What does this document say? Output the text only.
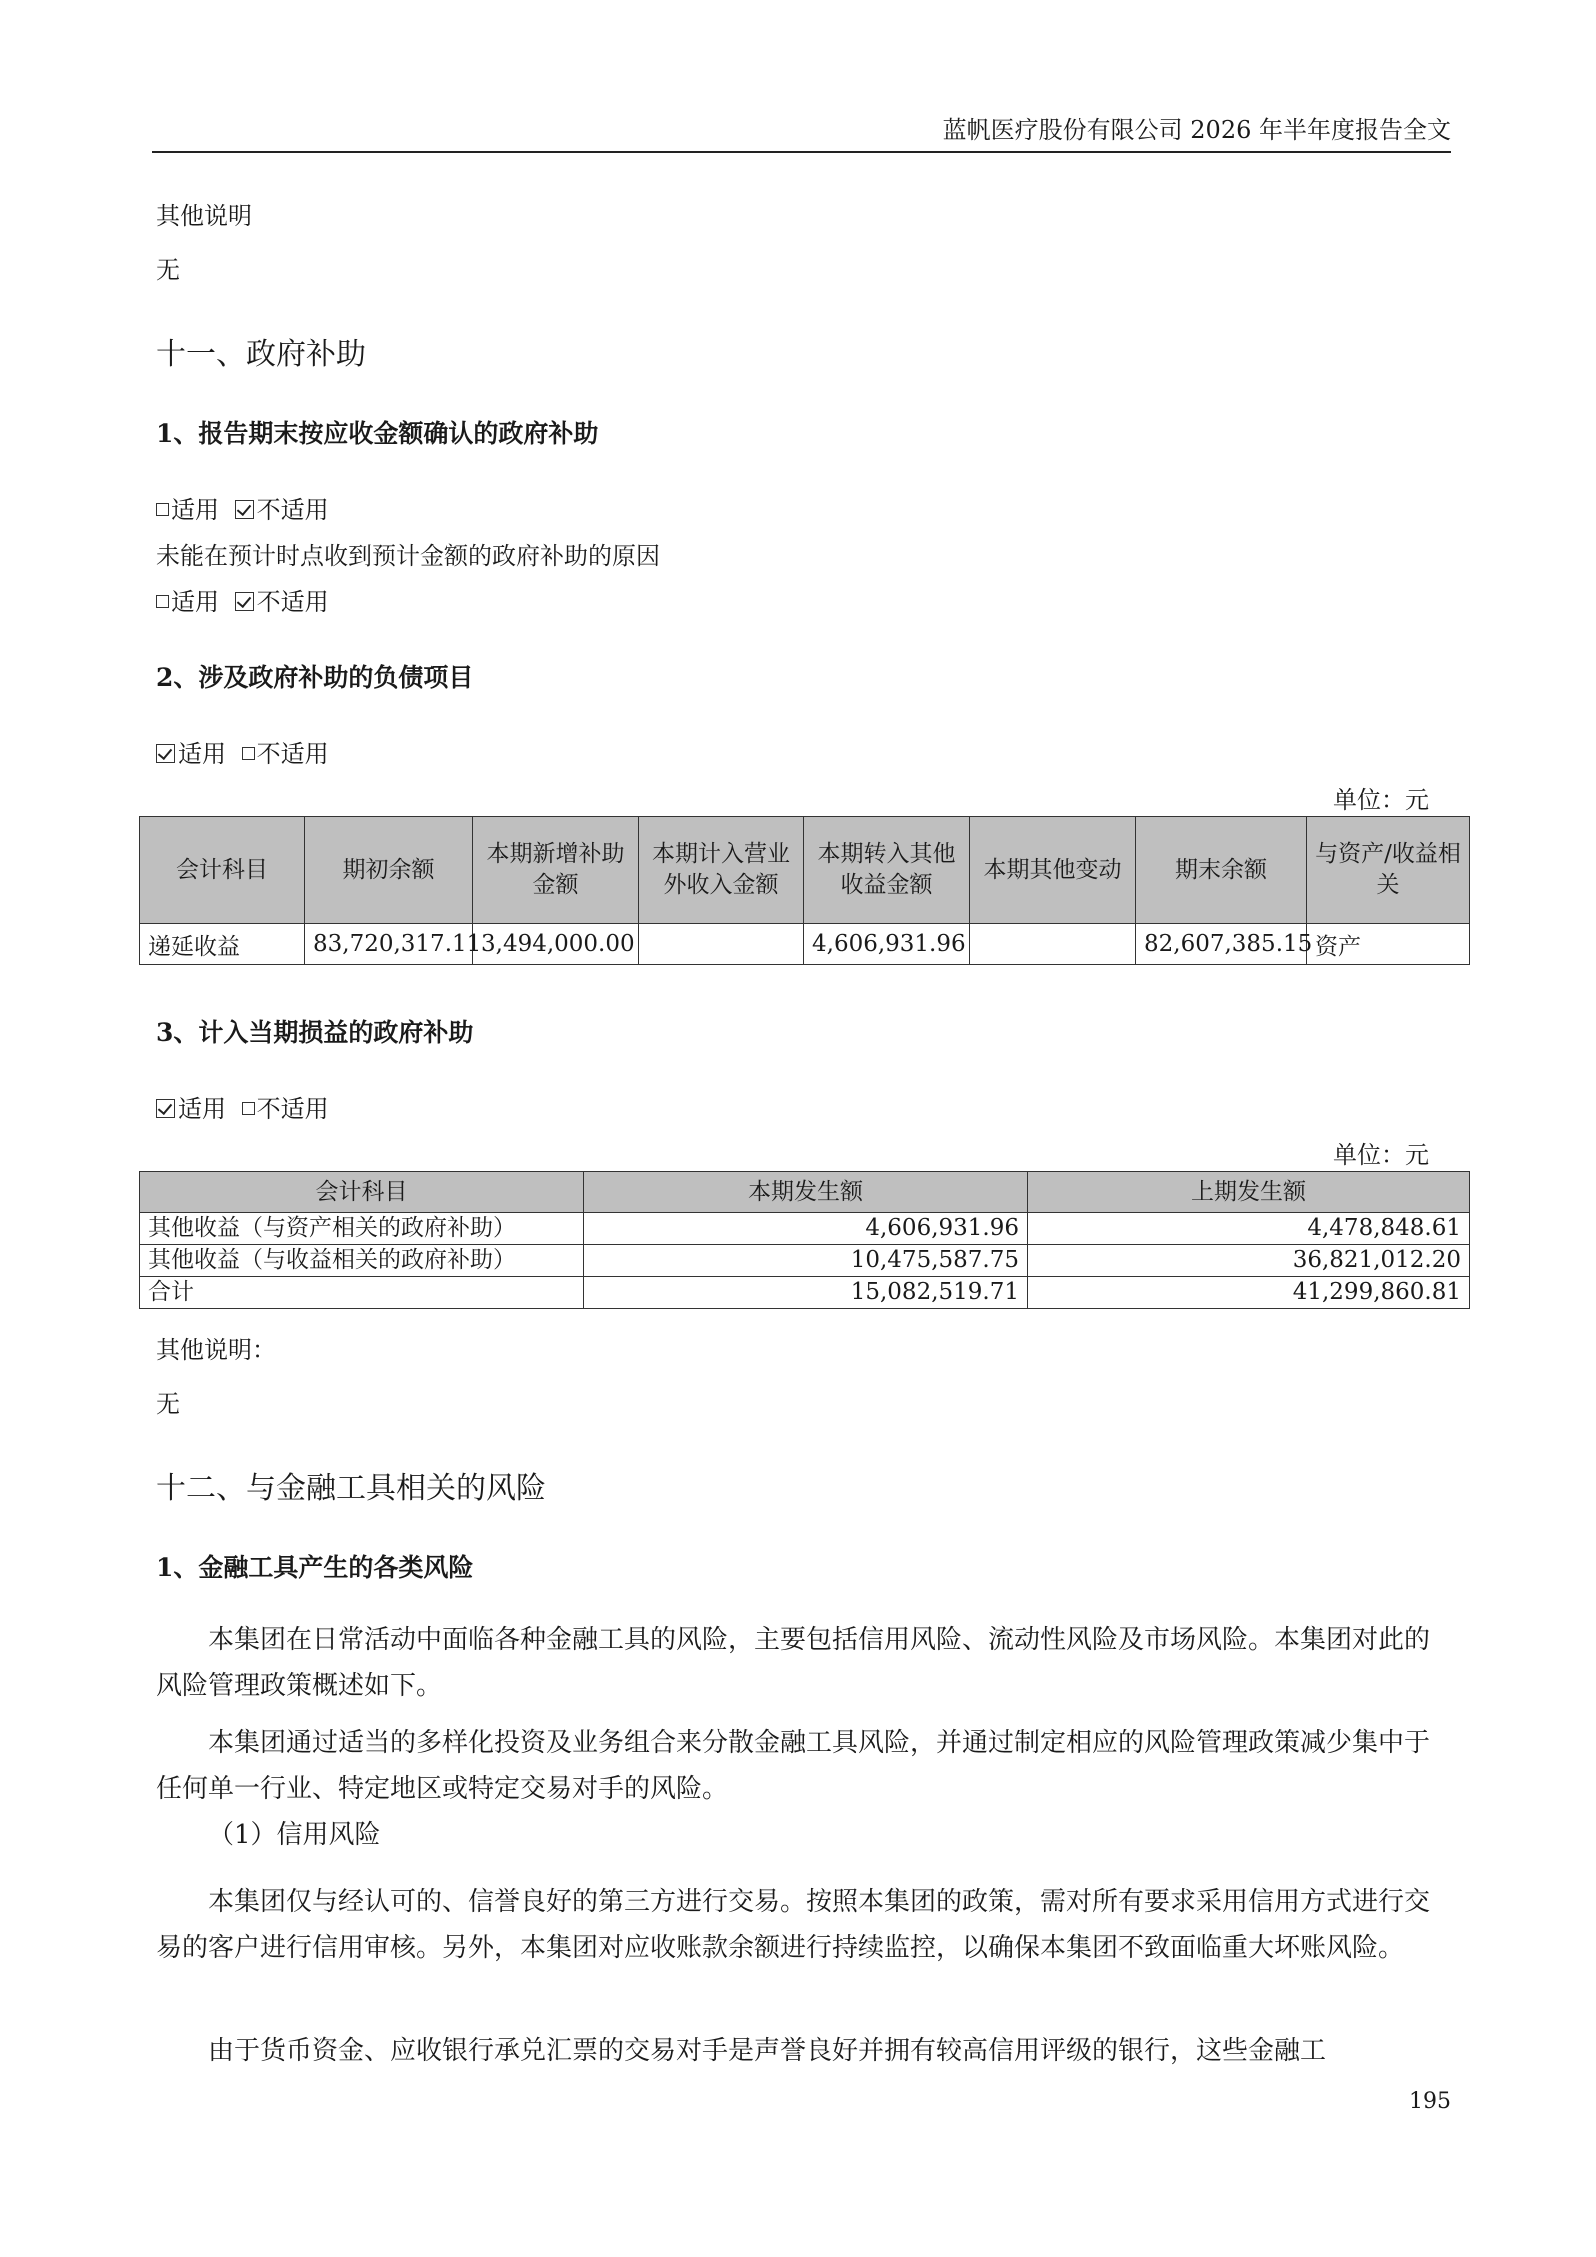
蓝帆医疗股份有限公司 2026 年半年度报告全文
其他说明
无
十一、政府补助
1、报告期末按应收金额确认的政府补助
适用 不适用
未能在预计时点收到预计金额的政府补助的原因
适用 不适用
2、涉及政府补助的负债项目
适用 不适用
单位：元
会计科目	期初余额	本期新增补助金额	本期计入营业外收入金额	本期转入其他收益金额	本期其他变动	期末余额	与资产/收益相关
递延收益	83,720,317.11	3,494,000.00		4,606,931.96		82,607,385.15	资产
3、计入当期损益的政府补助
适用 不适用
单位：元
会计科目	本期发生额	上期发生额
其他收益（与资产相关的政府补助）	4,606,931.96	4,478,848.61
其他收益（与收益相关的政府补助）	10,475,587.75	36,821,012.20
合计	15,082,519.71	41,299,860.81
其他说明：
无
十二、与金融工具相关的风险
1、金融工具产生的各类风险
本集团在日常活动中面临各种金融工具的风险，主要包括信用风险、流动性风险及市场风险。本集团对此的风险管理政策概述如下。
本集团通过适当的多样化投资及业务组合来分散金融工具风险，并通过制定相应的风险管理政策减少集中于任何单一行业、特定地区或特定交易对手的风险。
（1）信用风险
本集团仅与经认可的、信誉良好的第三方进行交易。按照本集团的政策，需对所有要求采用信用方式进行交易的客户进行信用审核。另外，本集团对应收账款余额进行持续监控，以确保本集团不致面临重大坏账风险。
由于货币资金、应收银行承兑汇票的交易对手是声誉良好并拥有较高信用评级的银行，这些金融工
195
